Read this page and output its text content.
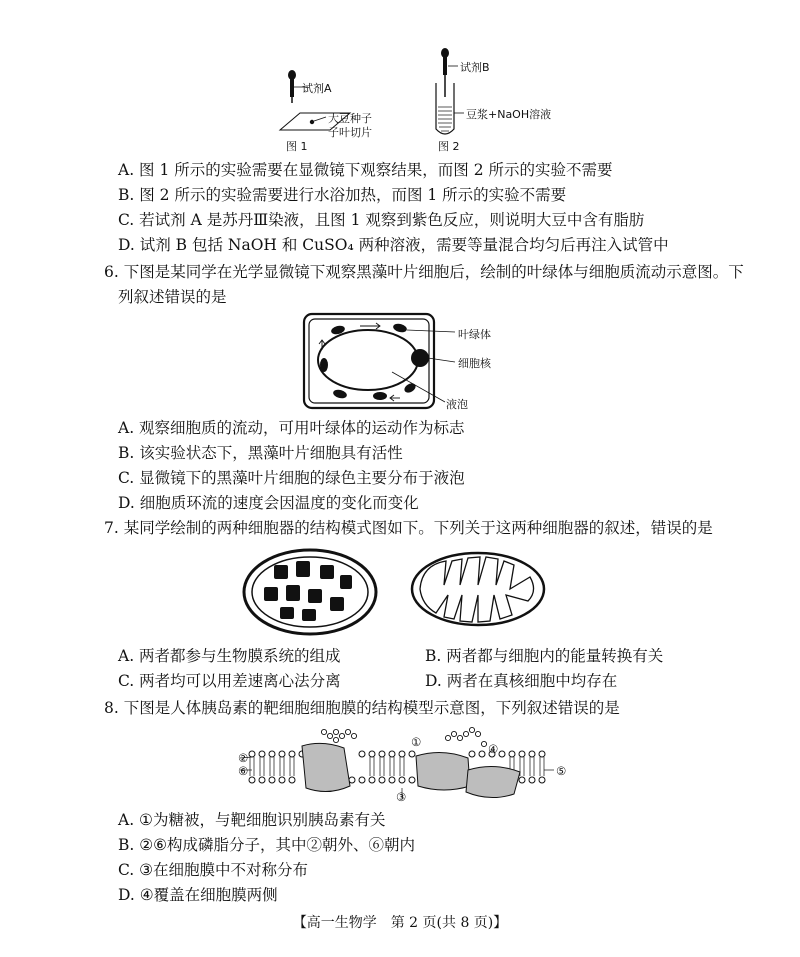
试剂A
大豆种子
子叶切片
图 1
试剂B
豆浆+NaOH溶液
图 2
A. 图 1 所示的实验需要在显微镜下观察结果，而图 2 所示的实验不需要
B. 图 2 所示的实验需要进行水浴加热，而图 1 所示的实验不需要
C. 若试剂 A 是苏丹Ⅲ染液，且图 1 观察到紫色反应，则说明大豆中含有脂肪
D. 试剂 B 包括 NaOH 和 CuSO₄ 两种溶液，需要等量混合均匀后再注入试管中
6. 下图是某同学在光学显微镜下观察黑藻叶片细胞后，绘制的叶绿体与细胞质流动示意图。下
列叙述错误的是
叶绿体
细胞核
液泡
A. 观察细胞质的流动，可用叶绿体的运动作为标志
B. 该实验状态下，黑藻叶片细胞具有活性
C. 显微镜下的黑藻叶片细胞的绿色主要分布于液泡
D. 细胞质环流的速度会因温度的变化而变化
7. 某同学绘制的两种细胞器的结构模式图如下。下列关于这两种细胞器的叙述，错误的是
A. 两者都参与生物膜系统的组成	B. 两者都与细胞内的能量转换有关
C. 两者均可以用差速离心法分离	D. 两者在真核细胞中均存在
8. 下图是人体胰岛素的靶细胞细胞膜的结构模型示意图，下列叙述错误的是
①
②
⑥
③
④
⑤
A. ①为糖被，与靶细胞识别胰岛素有关
B. ②⑥构成磷脂分子，其中②朝外、⑥朝内
C. ③在细胞膜中不对称分布
D. ④覆盖在细胞膜两侧
【高一生物学　第 2 页(共 8 页)】
